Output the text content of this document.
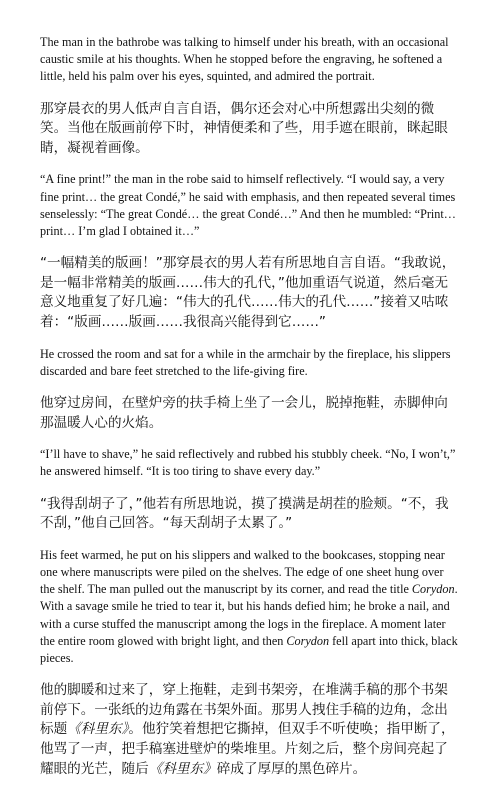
The man in the bathrobe was talking to himself under his breath, with an occasional caustic smile at his thoughts. When he stopped before the engraving, he softened a little, held his palm over his eyes, squinted, and admired the portrait.

那穿晨衣的男人低声自言自语，偶尔还会对心中所想露出尖刻的微笑。当他在版画前停下时，神情便柔和了些，用手遮在眼前，眯起眼睛，凝视着画像。

“A fine print!” the man in the robe said to himself reflectively. “I would say, a very fine print… the great Condé,” he said with emphasis, and then repeated several times senselessly: “The great Condé… the great Condé…” And then he mumbled: “Print… print… I’m glad I obtained it…”

“一幅精美的版画！”那穿晨衣的男人若有所思地自言自语。“我敢说，是一幅非常精美的版画……伟大的孔代，”他加重语气说道，然后毫无意义地重复了好几遍：“伟大的孔代……伟大的孔代……”接着又咕哝着：“版画……版画……我很高兴能得到它……”

He crossed the room and sat for a while in the armchair by the fireplace, his slippers discarded and bare feet stretched to the life-giving fire.

他穿过房间，在壁炉旁的扶手椅上坐了一会儿，脱掉拖鞋，赤脚伸向那温暖人心的火焰。

“I’ll have to shave,” he said reflectively and rubbed his stubbly cheek. “No, I won’t,” he answered himself. “It is too tiring to shave every day.”

“我得刮胡子了，”他若有所思地说，摸了摸满是胡茬的脸颊。“不，我不刮，”他自己回答。“每天刮胡子太累了。”

His feet warmed, he put on his slippers and walked to the bookcases, stopping near one where manuscripts were piled on the shelves. The edge of one sheet hung over the shelf. The man pulled out the manuscript by its corner, and read the title Corydon. With a savage smile he tried to tear it, but his hands defied him; he broke a nail, and with a curse stuffed the manuscript among the logs in the fireplace. A moment later the entire room glowed with bright light, and then Corydon fell apart into thick, black pieces.

他的脚暖和过来了，穿上拖鞋，走到书架旁，在堆满手稿的那个书架前停下。一张纸的边角露在书架外面。那男人拽住手稿的边角，念出标题《科里东》。他狞笑着想把它撕掉，但双手不听使唤；指甲断了，他骂了一声，把手稿塞进壁炉的柴堆里。片刻之后，整个房间亮起了耀眼的光芒，随后《科里东》碎成了厚厚的黑色碎片。
